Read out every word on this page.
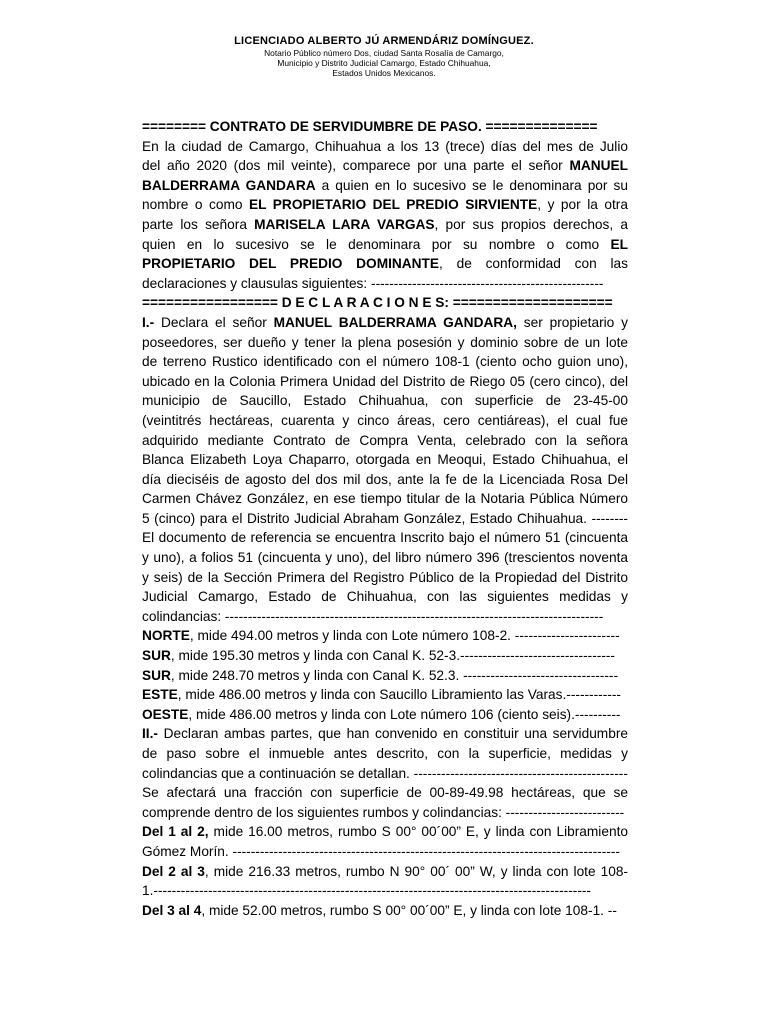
LICENCIADO ALBERTO JÚ ARMENDÁRIZ DOMÍNGUEZ.
Notario Público número Dos, ciudad Santa Rosalía de Camargo,
Municipio y Distrito Judicial Camargo, Estado Chihuahua,
Estados Unidos Mexicanos.
======== CONTRATO DE SERVIDUMBRE DE PASO. ==============
En la ciudad de Camargo, Chihuahua a los 13 (trece) días del mes de Julio
del año 2020 (dos mil veinte), comparece por una parte el señor MANUEL
BALDERRAMA GANDARA a quien en lo sucesivo se le denominara por su
nombre o como EL PROPIETARIO DEL PREDIO SIRVIENTE, y por la otra
parte los señora MARISELA LARA VARGAS, por sus propios derechos, a
quien en lo sucesivo se le denominara por su nombre o como EL
PROPIETARIO DEL PREDIO DOMINANTE, de conformidad con las
declaraciones y clausulas siguientes: ---------------------------------------------------
================= D E C L A R A C I O N E S: ====================
I.- Declara el señor MANUEL BALDERRAMA GANDARA, ser propietario y
poseedores, ser dueño y tener la plena posesión y dominio sobre de un lote
de terreno Rustico identificado con el número 108-1 (ciento ocho guion uno),
ubicado en la Colonia Primera Unidad del Distrito de Riego 05 (cero cinco), del
municipio de Saucillo, Estado Chihuahua, con superficie de 23-45-00
(veintitrés hectáreas, cuarenta y cinco áreas, cero centiáreas), el cual fue
adquirido mediante Contrato de Compra Venta, celebrado con la señora
Blanca Elizabeth Loya Chaparro, otorgada en Meoqui, Estado Chihuahua, el
día dieciséis de agosto del dos mil dos, ante la fe de la Licenciada Rosa Del
Carmen Chávez González, en ese tiempo titular de la Notaria Pública Número
5 (cinco) para el Distrito Judicial Abraham González, Estado Chihuahua. --------
El documento de referencia se encuentra Inscrito bajo el número 51 (cincuenta
y uno), a folios 51 (cincuenta y uno), del libro número 396 (trescientos noventa
y seis) de la Sección Primera del Registro Público de la Propiedad del Distrito
Judicial Camargo, Estado de Chihuahua, con las siguientes medidas y
colindancias: -----------------------------------------------------------------------------------
NORTE, mide 494.00 metros y linda con Lote número 108-2. -----------------------
SUR, mide 195.30 metros y linda con Canal K. 52-3.----------------------------------
SUR, mide 248.70 metros y linda con Canal K. 52.3. ----------------------------------
ESTE, mide 486.00 metros y linda con Saucillo Libramiento las Varas.------------
OESTE, mide 486.00 metros y linda con Lote número 106 (ciento seis).----------
II.- Declaran ambas partes, que han convenido en constituir una servidumbre
de paso sobre el inmueble antes descrito, con la superficie, medidas y
colindancias que a continuación se detallan. -----------------------------------------------
Se afectará una fracción con superficie de 00-89-49.98 hectáreas, que se
comprende dentro de los siguientes rumbos y colindancias: --------------------------
Del 1 al 2, mide 16.00 metros, rumbo S 00° 00´00” E, y linda con Libramiento
Gómez Morín. -------------------------------------------------------------------------------------
Del 2 al 3, mide 216.33 metros, rumbo N 90° 00´ 00” W, y linda con lote 108-
1.------------------------------------------------------------------------------------------------
Del 3 al 4, mide 52.00 metros, rumbo S 00° 00´00” E, y linda con lote 108-1. --
